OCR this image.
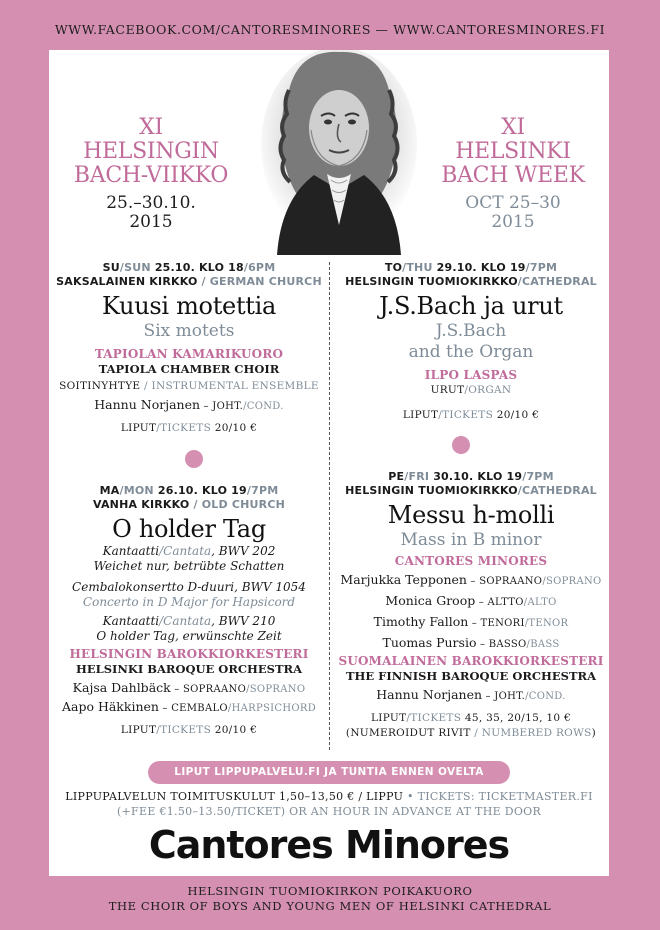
WWW.FACEBOOK.COM/CANTORESMINORES — WWW.CANTORESMINORES.FI
XI
HELSINGIN
BACH-VIIKKO
25.–30.10.
2015
XI
HELSINKI
BACH WEEK
OCT 25–30
2015
SU/SUN 25.10. KLO 18/6PM
SAKSALAINEN KIRKKO / GERMAN CHURCH
Kuusi motettia
Six motets
TAPIOLAN KAMARIKUORO
TAPIOLA CHAMBER CHOIR
SOITINYHTYE / INSTRUMENTAL ENSEMBLE
Hannu Norjanen – JOHT./COND.
LIPUT/TICKETS 20/10 €
TO/THU 29.10. KLO 19/7PM
HELSINGIN TUOMIOKIRKKO/CATHEDRAL
J.S.Bach ja urut
J.S.Bach
and the Organ
ILPO LASPAS
URUT/ORGAN
LIPUT/TICKETS 20/10 €
MA/MON 26.10. KLO 19/7PM
VANHA KIRKKO / OLD CHURCH
O holder Tag
Kantaatti/Cantata, BWV 202
Weichet nur, betrübte Schatten
Cembalokonsertto D-duuri, BWV 1054
Concerto in D Major for Hapsicord
Kantaatti/Cantata, BWV 210
O holder Tag, erwünschte Zeit
HELSINGIN BAROKKIORKESTERI
HELSINKI BAROQUE ORCHESTRA
Kajsa Dahlbäck – SOPRAANO/SOPRANO
Aapo Häkkinen – CEMBALO/HARPSICHORD
LIPUT/TICKETS 20/10 €
PE/FRI 30.10. KLO 19/7PM
HELSINGIN TUOMIOKIRKKO/CATHEDRAL
Messu h-molli
Mass in B minor
CANTORES MINORES
Marjukka Tepponen – SOPRAANO/SOPRANO
Monica Groop – ALTTO/ALTO
Timothy Fallon – TENORI/TENOR
Tuomas Pursio – BASSO/BASS
SUOMALAINEN BAROKKIORKESTERI
THE FINNISH BAROQUE ORCHESTRA
Hannu Norjanen – JOHT./COND.
LIPUT/TICKETS 45, 35, 20/15, 10 €
(NUMEROIDUT RIVIT / NUMBERED ROWS)
Cantores Minores
LIPUT LIPPUPALVELU.FI JA TUNTIA ENNEN OVELTA
LIPPUPALVELUN TOIMITUSKULUT 1,50–13,50 € / LIPPU • TICKETS: TICKETMASTER.FI
(+FEE €1.50–13.50/TICKET) OR AN HOUR IN ADVANCE AT THE DOOR
HELSINGIN TUOMIOKIRKON POIKAKUORO
THE CHOIR OF BOYS AND YOUNG MEN OF HELSINKI CATHEDRAL
